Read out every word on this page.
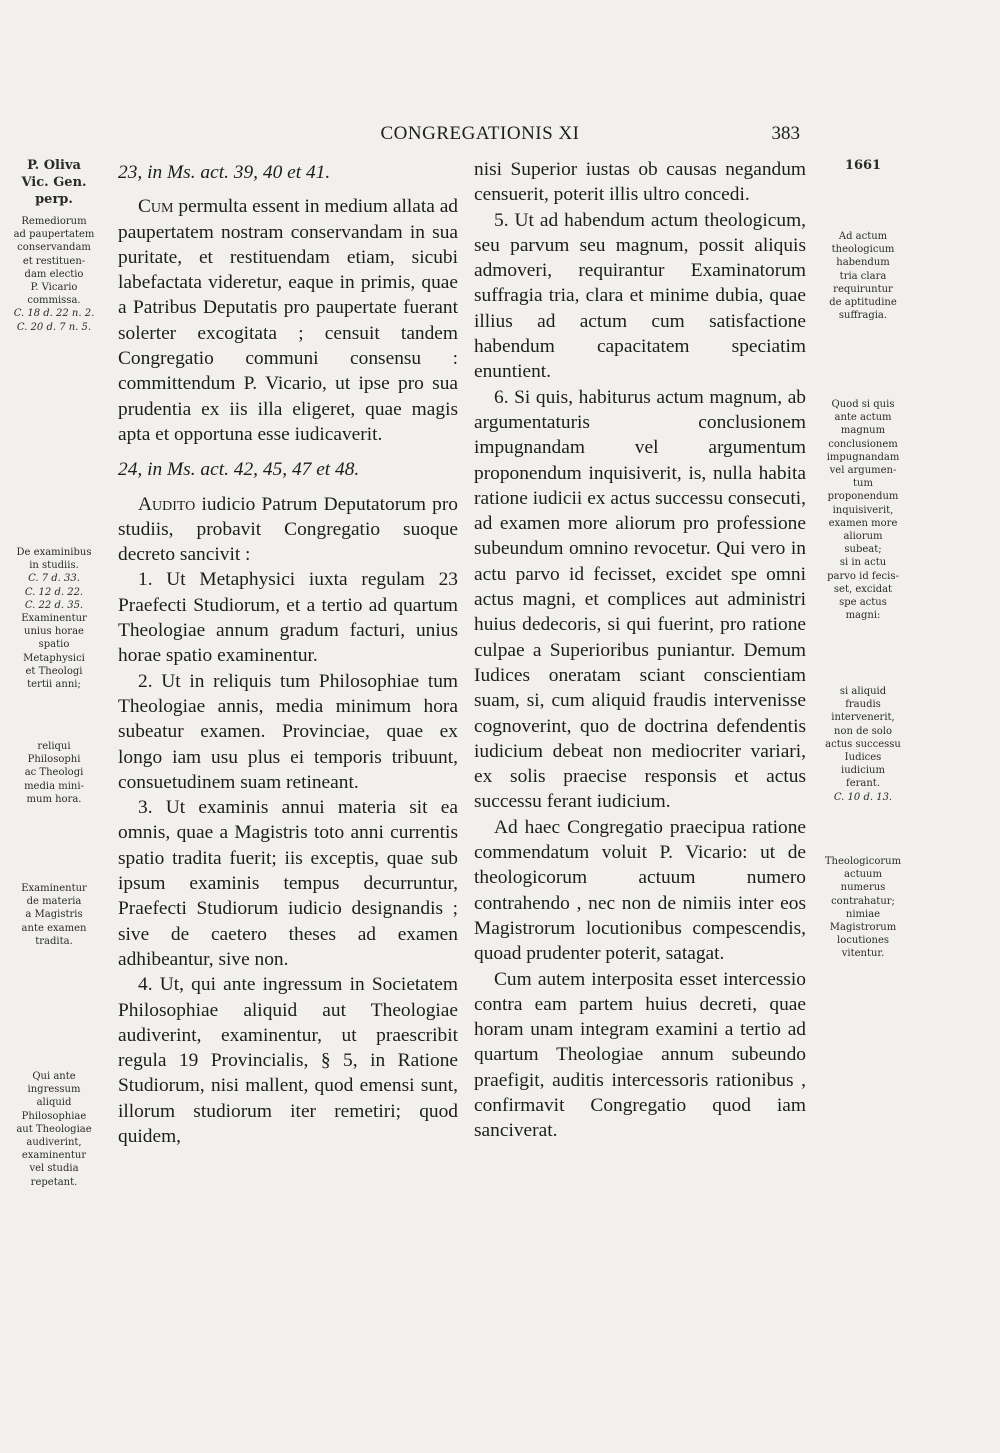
CONGREGATIONIS XI	383
P. Oliva
Vic. Gen.
perp.
Remediorum
ad paupertatem
conservandam
et restituen-
dam electio
P. Vicario
commissa.
C. 18 d. 22 n. 2.
C. 20 d. 7 n. 5.
De examinibus
in studiis.
C. 7 d. 33.
C. 12 d. 22.
C. 22 d. 35.
Examinentur
unius horae
spatio
Metaphysici
et Theologi
tertii anni;
reliqui
Philosophi
ac Theologi
media mini-
mum hora.
Examinentur
de materia
a Magistris
ante examen
tradita.
Qui ante
ingressum
aliquid
Philosophiae
aut Theologiae
audiverint,
examinentur
vel studia
repetant.

23, in Ms. act. 39, 40 et 41.

Cum permulta essent in medium allata ad paupertatem nostram conservandam in sua puritate, et restituendam etiam, sicubi labefactata videretur, eaque in primis, quae a Patribus Deputatis pro paupertate fuerant solerter excogitata ; censuit tandem Congregatio communi consensu : committendum P. Vicario, ut ipse pro sua prudentia ex iis illa eligeret, quae magis apta et opportuna esse iudicaverit.

24, in Ms. act. 42, 45, 47 et 48.

Audito iudicio Patrum Deputatorum pro studiis, probavit Congregatio suoque decreto sancivit :

1. Ut Metaphysici iuxta regulam 23 Praefecti Studiorum, et a tertio ad quartum Theologiae annum gradum facturi, unius horae spatio examinentur.

2. Ut in reliquis tum Philosophiae tum Theologiae annis, media minimum hora subeatur examen. Provinciae, quae ex longo iam usu plus ei temporis tribuunt, consuetudinem suam retineant.

3. Ut examinis annui materia sit ea omnis, quae a Magistris toto anni currentis spatio tradita fuerit; iis exceptis, quae sub ipsum examinis tempus decurruntur, Praefecti Studiorum iudicio designandis ; sive de caetero theses ad examen adhibeantur, sive non.

4. Ut, qui ante ingressum in Societatem Philosophiae aliquid aut Theologiae audiverint, examinentur, ut praescribit regula 19 Provincialis, § 5, in Ratione Studiorum, nisi mallent, quod emensi sunt, illorum studiorum iter remetiri; quod quidem,

nisi Superior iustas ob causas negandum censuerit, poterit illis ultro concedi.

5. Ut ad habendum actum theologicum, seu parvum seu magnum, possit aliquis admoveri, requirantur Examinatorum suffragia tria, clara et minime dubia, quae illius ad actum cum satisfactione habendum capacitatem speciatim enuntient.

6. Si quis, habiturus actum magnum, ab argumentaturis conclusionem impugnandam vel argumentum proponendum inquisiverit, is, nulla habita ratione iudicii ex actus successu consecuti, ad examen more aliorum pro professione subeundum omnino revocetur. Qui vero in actu parvo id fecisset, excidet spe omni actus magni, et complices aut administri huius dedecoris, si qui fuerint, pro ratione culpae a Superioribus puniantur. Demum Iudices oneratam sciant conscientiam suam, si, cum aliquid fraudis intervenisse cognoverint, quo de doctrina defendentis iudicium debeat non mediocriter variari, ex solis praecise responsis et actus successu ferant iudicium.

Ad haec Congregatio praecipua ratione commendatum voluit P. Vicario: ut de theologicorum actuum numero contrahendo , nec non de nimiis inter eos Magistrorum locutionibus compescendis, quoad prudenter poterit, satagat.

Cum autem interposita esset intercessio contra eam partem huius decreti, quae horam unam integram examini a tertio ad quartum Theologiae annum subeundo praefigit, auditis intercessoris rationibus , confirmavit Congregatio quod iam sanciverat.

1661
Ad actum
theologicum
habendum
tria clara
requiruntur
de aptitudine
suffragia.
Quod si quis
ante actum
magnum
conclusionem
impugnandam
vel argumen-
tum
proponendum
inquisiverit,
examen more
aliorum
subeat;
si in actu
parvo id fecis-
set, excidat
spe actus
magni:
si aliquid
fraudis
intervenerit,
non de solo
actus successu
Iudices
iudicium
ferant.
C. 10 d. 13.
Theologicorum
actuum
numerus
contrahatur;
nimiae
Magistrorum
locutiones
vitentur.
